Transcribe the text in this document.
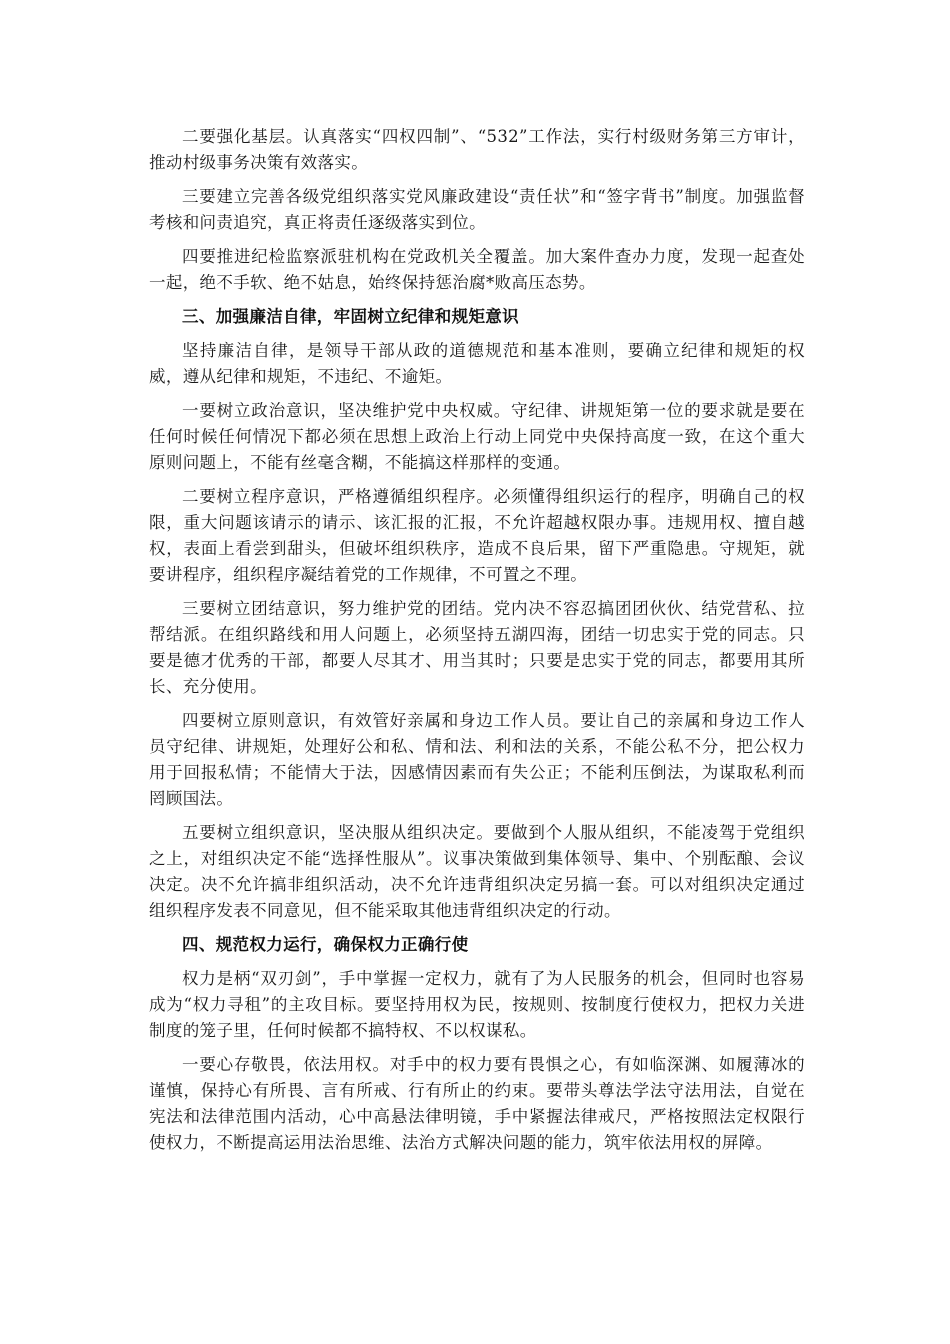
二要强化基层。认真落实“四权四制”、“532”工作法，实行村级财务第三方审计，推动村级事务决策有效落实。

三要建立完善各级党组织落实党风廉政建设“责任状”和“签字背书”制度。加强监督考核和问责追究，真正将责任逐级落实到位。

四要推进纪检监察派驻机构在党政机关全覆盖。加大案件查办力度，发现一起查处一起，绝不手软、绝不姑息，始终保持惩治腐*败高压态势。

三、加强廉洁自律，牢固树立纪律和规矩意识

坚持廉洁自律，是领导干部从政的道德规范和基本准则，要确立纪律和规矩的权威，遵从纪律和规矩，不违纪、不逾矩。

一要树立政治意识，坚决维护党中央权威。守纪律、讲规矩第一位的要求就是要在任何时候任何情况下都必须在思想上政治上行动上同党中央保持高度一致，在这个重大原则问题上，不能有丝毫含糊，不能搞这样那样的变通。

二要树立程序意识，严格遵循组织程序。必须懂得组织运行的程序，明确自己的权限，重大问题该请示的请示、该汇报的汇报，不允许超越权限办事。违规用权、擅自越权，表面上看尝到甜头，但破坏组织秩序，造成不良后果，留下严重隐患。守规矩，就要讲程序，组织程序凝结着党的工作规律，不可置之不理。

三要树立团结意识，努力维护党的团结。党内决不容忍搞团团伙伙、结党营私、拉帮结派。在组织路线和用人问题上，必须坚持五湖四海，团结一切忠实于党的同志。只要是德才优秀的干部，都要人尽其才、用当其时；只要是忠实于党的同志，都要用其所长、充分使用。

四要树立原则意识，有效管好亲属和身边工作人员。要让自己的亲属和身边工作人员守纪律、讲规矩，处理好公和私、情和法、利和法的关系，不能公私不分，把公权力用于回报私情；不能情大于法，因感情因素而有失公正；不能利压倒法，为谋取私利而罔顾国法。

五要树立组织意识，坚决服从组织决定。要做到个人服从组织，不能凌驾于党组织之上，对组织决定不能“选择性服从”。议事决策做到集体领导、集中、个别酝酿、会议决定。决不允许搞非组织活动，决不允许违背组织决定另搞一套。可以对组织决定通过组织程序发表不同意见，但不能采取其他违背组织决定的行动。

四、规范权力运行，确保权力正确行使

权力是柄“双刃剑”，手中掌握一定权力，就有了为人民服务的机会，但同时也容易成为“权力寻租”的主攻目标。要坚持用权为民，按规则、按制度行使权力，把权力关进制度的笼子里，任何时候都不搞特权、不以权谋私。

一要心存敬畏，依法用权。对手中的权力要有畏惧之心，有如临深渊、如履薄冰的谨慎，保持心有所畏、言有所戒、行有所止的约束。要带头尊法学法守法用法，自觉在宪法和法律范围内活动，心中高悬法律明镜，手中紧握法律戒尺，严格按照法定权限行使权力，不断提高运用法治思维、法治方式解决问题的能力，筑牢依法用权的屏障。
